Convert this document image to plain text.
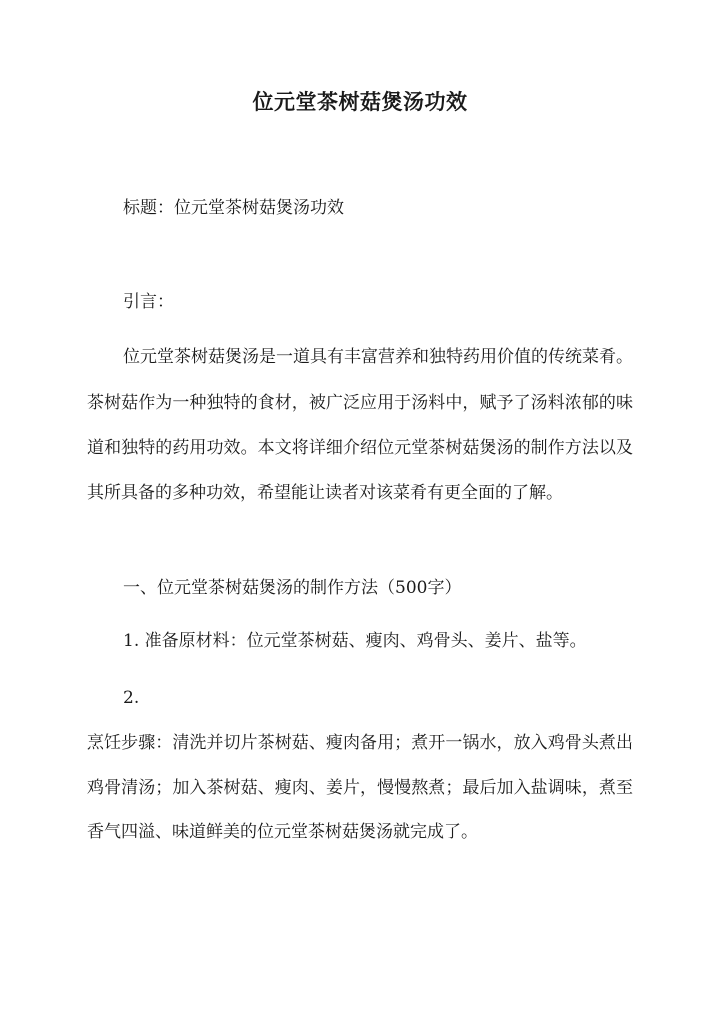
位元堂茶树菇煲汤功效
标题：位元堂茶树菇煲汤功效
引言：
位元堂茶树菇煲汤是一道具有丰富营养和独特药用价值的传统菜肴。
茶树菇作为一种独特的食材，被广泛应用于汤料中，赋予了汤料浓郁的味
道和独特的药用功效。本文将详细介绍位元堂茶树菇煲汤的制作方法以及
其所具备的多种功效，希望能让读者对该菜肴有更全面的了解。
一、位元堂茶树菇煲汤的制作方法（500字）
1. 准备原材料：位元堂茶树菇、瘦肉、鸡骨头、姜片、盐等。
2.
烹饪步骤：清洗并切片茶树菇、瘦肉备用；煮开一锅水，放入鸡骨头煮出
鸡骨清汤；加入茶树菇、瘦肉、姜片，慢慢熬煮；最后加入盐调味，煮至
香气四溢、味道鲜美的位元堂茶树菇煲汤就完成了。
